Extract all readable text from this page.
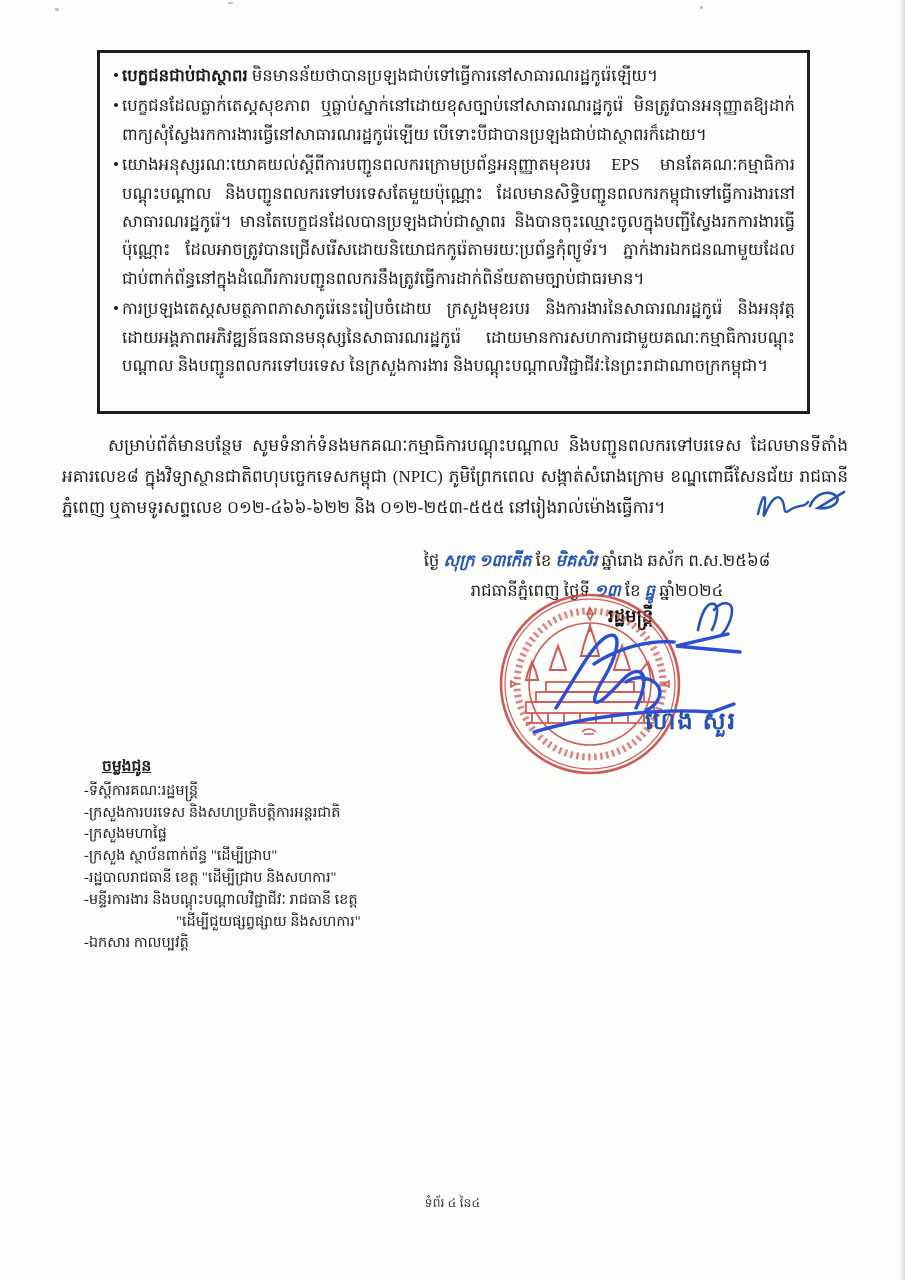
• បេក្ខជនជាប់ជាស្ថាពរ មិនមានន័យថាបានប្រឡងជាប់ទៅធ្វើការនៅសាធារណរដ្ឋកូរ៉េឡើយ។
• បេក្ខជនដែលធ្លាក់តេស្តសុខភាព ឬធ្លាប់ស្នាក់នៅដោយខុសច្បាប់នៅសាធារណរដ្ឋកូរ៉េ មិនត្រូវបានអនុញ្ញាតឱ្យដាក់ពាក្យសុំស្វែងរកការងារធ្វើនៅសាធារណរដ្ឋកូរ៉េឡើយ បើទោះបីជាបានប្រឡងជាប់ជាស្ថាពរក៏ដោយ។
• យោងអនុស្សរណៈយោគយល់ស្តីពីការបញ្ជូនពលករក្រោមប្រព័ន្ធអនុញ្ញាតមុខរបរ EPS មានតែគណៈកម្មាធិការបណ្តុះបណ្តាល និងបញ្ជូនពលករទៅបរទេសតែមួយប៉ុណ្ណោះ ដែលមានសិទ្ធិបញ្ជូនពលករកម្ពុជាទៅធ្វើការងារនៅសាធារណរដ្ឋកូរ៉េ។ មានតែបេក្ខជនដែលបានប្រឡងជាប់ជាស្ថាពរ និងបានចុះឈ្មោះចូលក្នុងបញ្ជីស្វែងរកការងារធ្វើប៉ុណ្ណោះ ដែលអាចត្រូវបានជ្រើសរើសដោយនិយោជកកូរ៉េតាមរយៈប្រព័ន្ធកុំព្យូទ័រ។ ភ្នាក់ងារឯកជនណាមួយដែលជាប់ពាក់ព័ន្ធនៅក្នុងដំណើរការបញ្ជូនពលករនឹងត្រូវធ្វើការដាក់ពិន័យតាមច្បាប់ជាធរមាន។
• ការប្រឡងតេស្តសមត្ថភាពភាសាកូរ៉េនេះរៀបចំដោយ ក្រសួងមុខរបរ និងការងារនៃសាធារណរដ្ឋកូរ៉េ និងអនុវត្តដោយអង្គភាពអភិវឌ្ឍន៍ធនធានមនុស្សនៃសាធារណរដ្ឋកូរ៉េ ដោយមានការសហការជាមួយគណៈកម្មាធិការបណ្តុះបណ្តាល និងបញ្ជូនពលករទៅបរទេស នៃក្រសួងការងារ និងបណ្តុះបណ្តាលវិជ្ជាជីវៈនៃព្រះរាជាណាចក្រកម្ពុជា។
សម្រាប់ព័ត៌មានបន្ថែម សូមទំនាក់ទំនងមកគណៈកម្មាធិការបណ្តុះបណ្តាល និងបញ្ជូនពលករទៅបរទេស ដែលមានទីតាំងអគារលេខ៨ ក្នុងវិទ្យាស្ថានជាតិពហុបច្ចេកទេសកម្ពុជា (NPIC) ភូមិព្រែកពេល សង្កាត់សំរោងក្រោម ខណ្ឌពោធិ៍សែនជ័យ រាជធានីភ្នំពេញ ឬតាមទូរសព្ទលេខ ០១២-៤៦៦-៦២២ និង ០១២-២៥៣-៥៥៥ នៅរៀងរាល់ម៉ោងធ្វើការ។
ថ្ងៃ សុក្រ ១៣កើត ខែ មិគសិរ ឆ្នាំរោង ឆស័ក ព.ស.២៥៦៨
រាជធានីភ្នំពេញ ថ្ងៃទី ១៣ ខែ ធ្នូ ឆ្នាំ២០២៤
រដ្ឋមន្ត្រី
ហេង សួរ
ចម្លងជូន
-ទីស្តីការគណៈរដ្ឋមន្ត្រី
-ក្រសួងការបរទេស និងសហប្រតិបត្តិការអន្តរជាតិ
-ក្រសួងមហាផ្ទៃ
-ក្រសួង ស្ថាប័នពាក់ព័ន្ធ "ដើម្បីជ្រាប"
-រដ្ឋបាលរាជធានី ខេត្ត "ដើម្បីជ្រាប និងសហការ"
-មន្ទីរការងារ និងបណ្តុះបណ្តាលវិជ្ជាជីវៈ រាជធានី ខេត្ត
"ដើម្បីជួយផ្សព្វផ្សាយ និងសហការ"
-ឯកសារ កាលប្បវត្តិ
ទំព័រ ៤ នៃ៤
